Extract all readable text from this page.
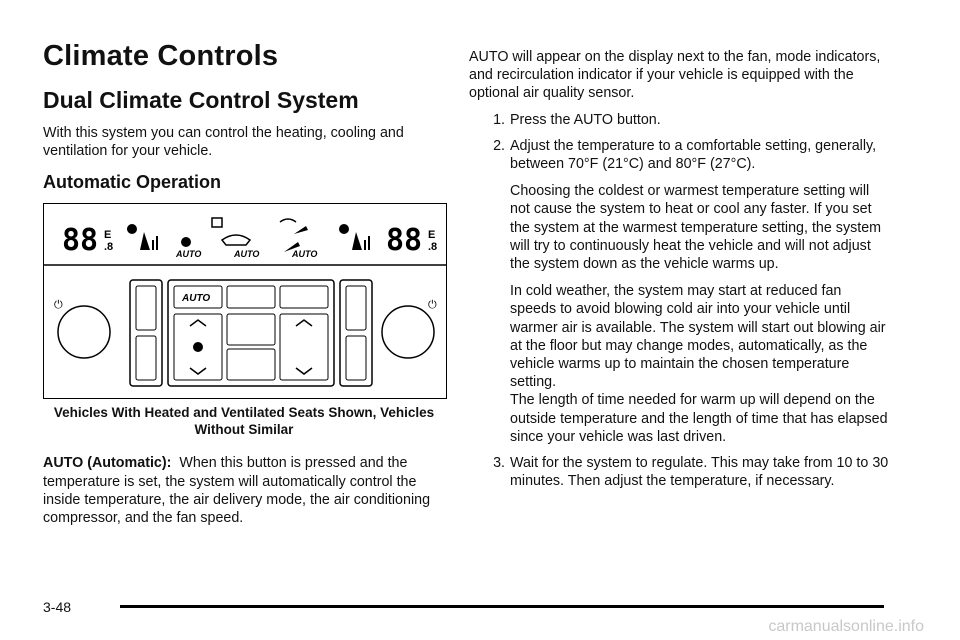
Climate Controls
Dual Climate Control System

With this system you can control the heating, cooling and ventilation for your vehicle.

Automatic Operation
88 E
.8
AUTO	AUTO	AUTO 88 E
.8
⏻	⏻
AUTO
Vehicles With Heated and Ventilated Seats Shown, Vehicles Without Similar

AUTO (Automatic): When this button is pressed and the temperature is set, the system will automatically control the inside temperature, the air delivery mode, the air conditioning compressor, and the fan speed.

AUTO will appear on the display next to the fan, mode indicators, and recirculation indicator if your vehicle is equipped with the optional air quality sensor.

1. Press the AUTO button.
2. Adjust the temperature to a comfortable setting, generally, between 70°F (21°C) and 80°F (27°C).
Choosing the coldest or warmest temperature setting will not cause the system to heat or cool any faster. If you set the system at the warmest temperature setting, the system will try to continuously heat the vehicle and will not adjust the system down as the vehicle warms up.
In cold weather, the system may start at reduced fan speeds to avoid blowing cold air into your vehicle until warmer air is available. The system will start out blowing air at the floor but may change modes, automatically, as the vehicle warms up to maintain the chosen temperature setting.
The length of time needed for warm up will depend on the outside temperature and the length of time that has elapsed since your vehicle was last driven.
3. Wait for the system to regulate. This may take from 10 to 30 minutes. Then adjust the temperature, if necessary.
3-48
carmanualsonline.info
